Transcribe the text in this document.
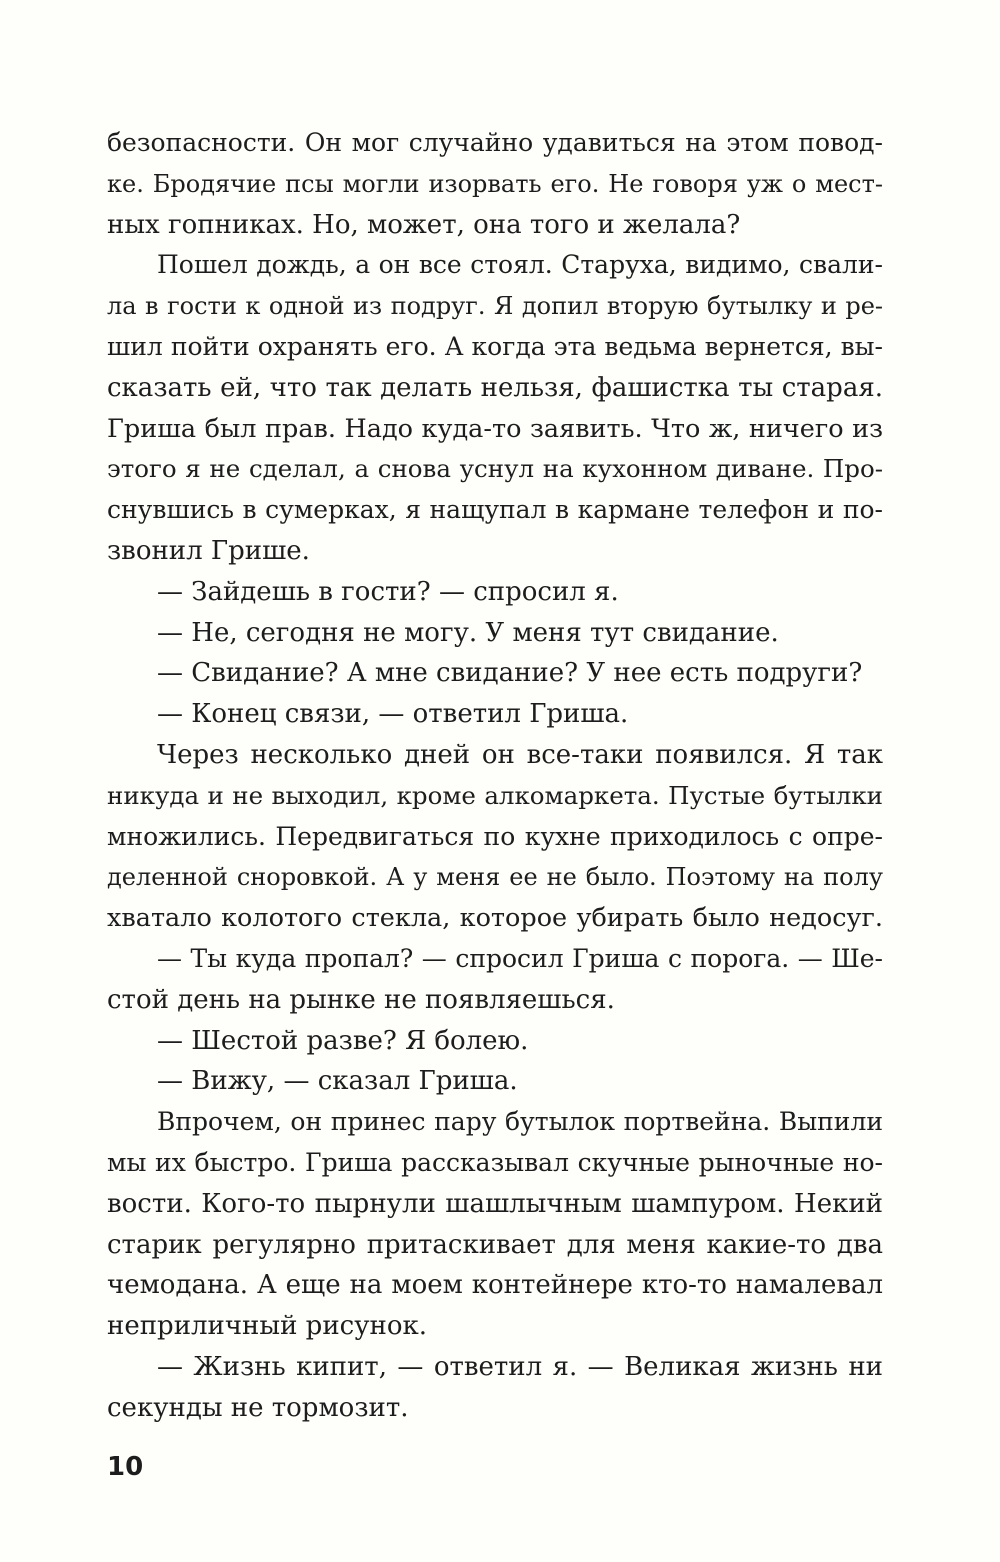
безопасности. Он мог случайно удавиться на этом повод-
ке. Бродячие псы могли изорвать его. Не говоря уж о мест-
ных гопниках. Но, может, она того и желала?
Пошел дождь, а он все стоял. Старуха, видимо, свали-
ла в гости к одной из подруг. Я допил вторую бутылку и ре-
шил пойти охранять его. А когда эта ведьма вернется, вы-
сказать ей, что так делать нельзя, фашистка ты старая.
Гриша был прав. Надо куда-то заявить. Что ж, ничего из
этого я не сделал, а снова уснул на кухонном диване. Про-
снувшись в сумерках, я нащупал в кармане телефон и по-
звонил Грише.
— Зайдешь в гости? — спросил я.
— Не, сегодня не могу. У меня тут свидание.
— Свидание? А мне свидание? У нее есть подруги?
— Конец связи, — ответил Гриша.
Через несколько дней он все-таки появился. Я так
никуда и не выходил, кроме алкомаркета. Пустые бутылки
множились. Передвигаться по кухне приходилось с опре-
деленной сноровкой. А у меня ее не было. Поэтому на полу
хватало колотого стекла, которое убирать было недосуг.
— Ты куда пропал? — спросил Гриша с порога. — Ше-
стой день на рынке не появляешься.
— Шестой разве? Я болею.
— Вижу, — сказал Гриша.
Впрочем, он принес пару бутылок портвейна. Выпили
мы их быстро. Гриша рассказывал скучные рыночные но-
вости. Кого-то пырнули шашлычным шампуром. Некий
старик регулярно притаскивает для меня какие-то два
чемодана. А еще на моем контейнере кто-то намалевал
неприличный рисунок.
— Жизнь кипит, — ответил я. — Великая жизнь ни
секунды не тормозит.
10
